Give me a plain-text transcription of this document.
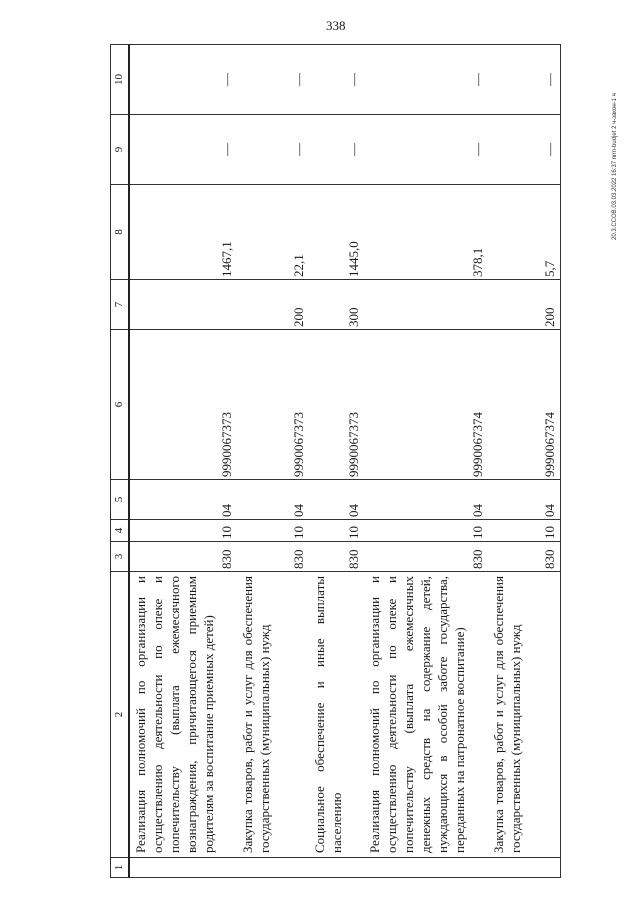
338
20.3.CCOB.03.03.2022 16:37 nrm-budjet 2 ч-закон-1 ч
1	2	3	4	5	6	7	8	9	10

	Реализация полномочий по организации и осуществлению деятельности по опеке и попечительству (выплата ежемесячного вознаграждения, причитающегося приемным родителям за воспитание приемных детей)	830	10	04	9990067373		1467,1	—	—

	Закупка товаров, работ и услуг для обеспечения государственных (муниципальных) нужд	830	10	04	9990067373	200	22,1	—	—

	Социальное обеспечение и иные выплаты населению	830	10	04	9990067373	300	1445,0	—	—

	Реализация полномочий по организации и осуществлению деятельности по опеке и попечительству (выплата ежемесячных денежных средств на содержание детей, нуждающихся в особой заботе государства, переданных на патронатное воспитание)	830	10	04	9990067374		378,1	—	—

	Закупка товаров, работ и услуг для обеспечения государственных (муниципальных) нужд	830	10	04	9990067374	200	5,7	—	—
